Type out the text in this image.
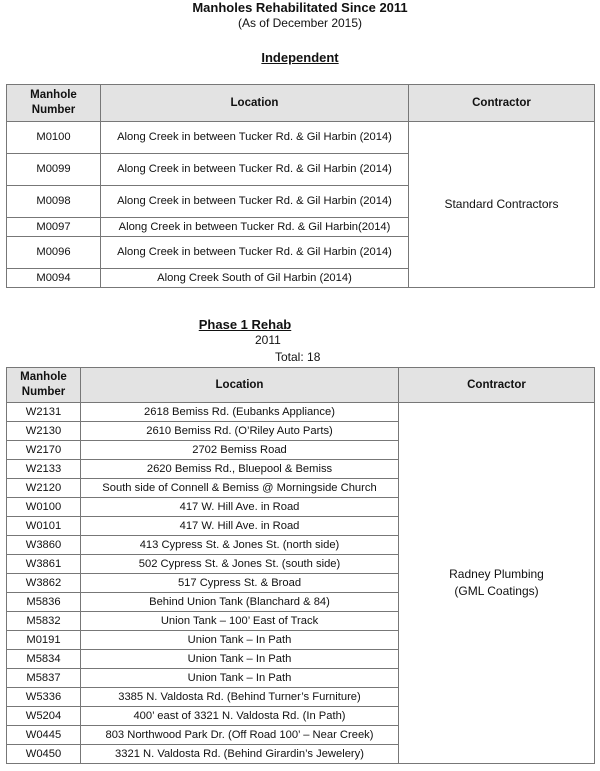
Manholes Rehabilitated Since 2011
(As of December 2015)
Independent
Manhole
Number	Location	Contractor
M0100	Along Creek in between Tucker Rd. & Gil Harbin (2014)	Standard Contractors
M0099	Along Creek in between Tucker Rd. & Gil Harbin (2014)	
M0098	Along Creek in between Tucker Rd. & Gil Harbin (2014)	
M0097	Along Creek in between Tucker Rd. & Gil Harbin(2014)	
M0096	Along Creek in between Tucker Rd. & Gil Harbin (2014)	
M0094	Along Creek South of Gil Harbin (2014)	
Phase 1 Rehab
2011
Total: 18
Manhole
Number	Location	Contractor
W2131	2618 Bemiss Rd. (Eubanks Appliance)	Radney Plumbing
(GML Coatings)

W2130	2610 Bemiss Rd. (O’Riley Auto Parts)	
W2170	2702 Bemiss Road	
W2133	2620 Bemiss Rd., Bluepool & Bemiss	
W2120	South side of Connell & Bemiss @ Morningside Church	
W0100	417 W. Hill Ave. in Road	
W0101	417 W. Hill Ave. in Road	
W3860	413 Cypress St. & Jones St. (north side)	
W3861	502 Cypress St. & Jones St. (south side)	
W3862	517 Cypress St. & Broad	
M5836	Behind Union Tank (Blanchard & 84)	
M5832	Union Tank – 100’ East of Track	
M0191	Union Tank – In Path	
M5834	Union Tank – In Path	
M5837	Union Tank – In Path	
W5336	3385 N. Valdosta Rd. (Behind Turner’s Furniture)	
W5204	400’ east of 3321 N. Valdosta Rd. (In Path)	
W0445	803 Northwood Park Dr. (Off Road 100’ – Near Creek)	
W0450	3321 N. Valdosta Rd. (Behind Girardin’s Jewelery)	
